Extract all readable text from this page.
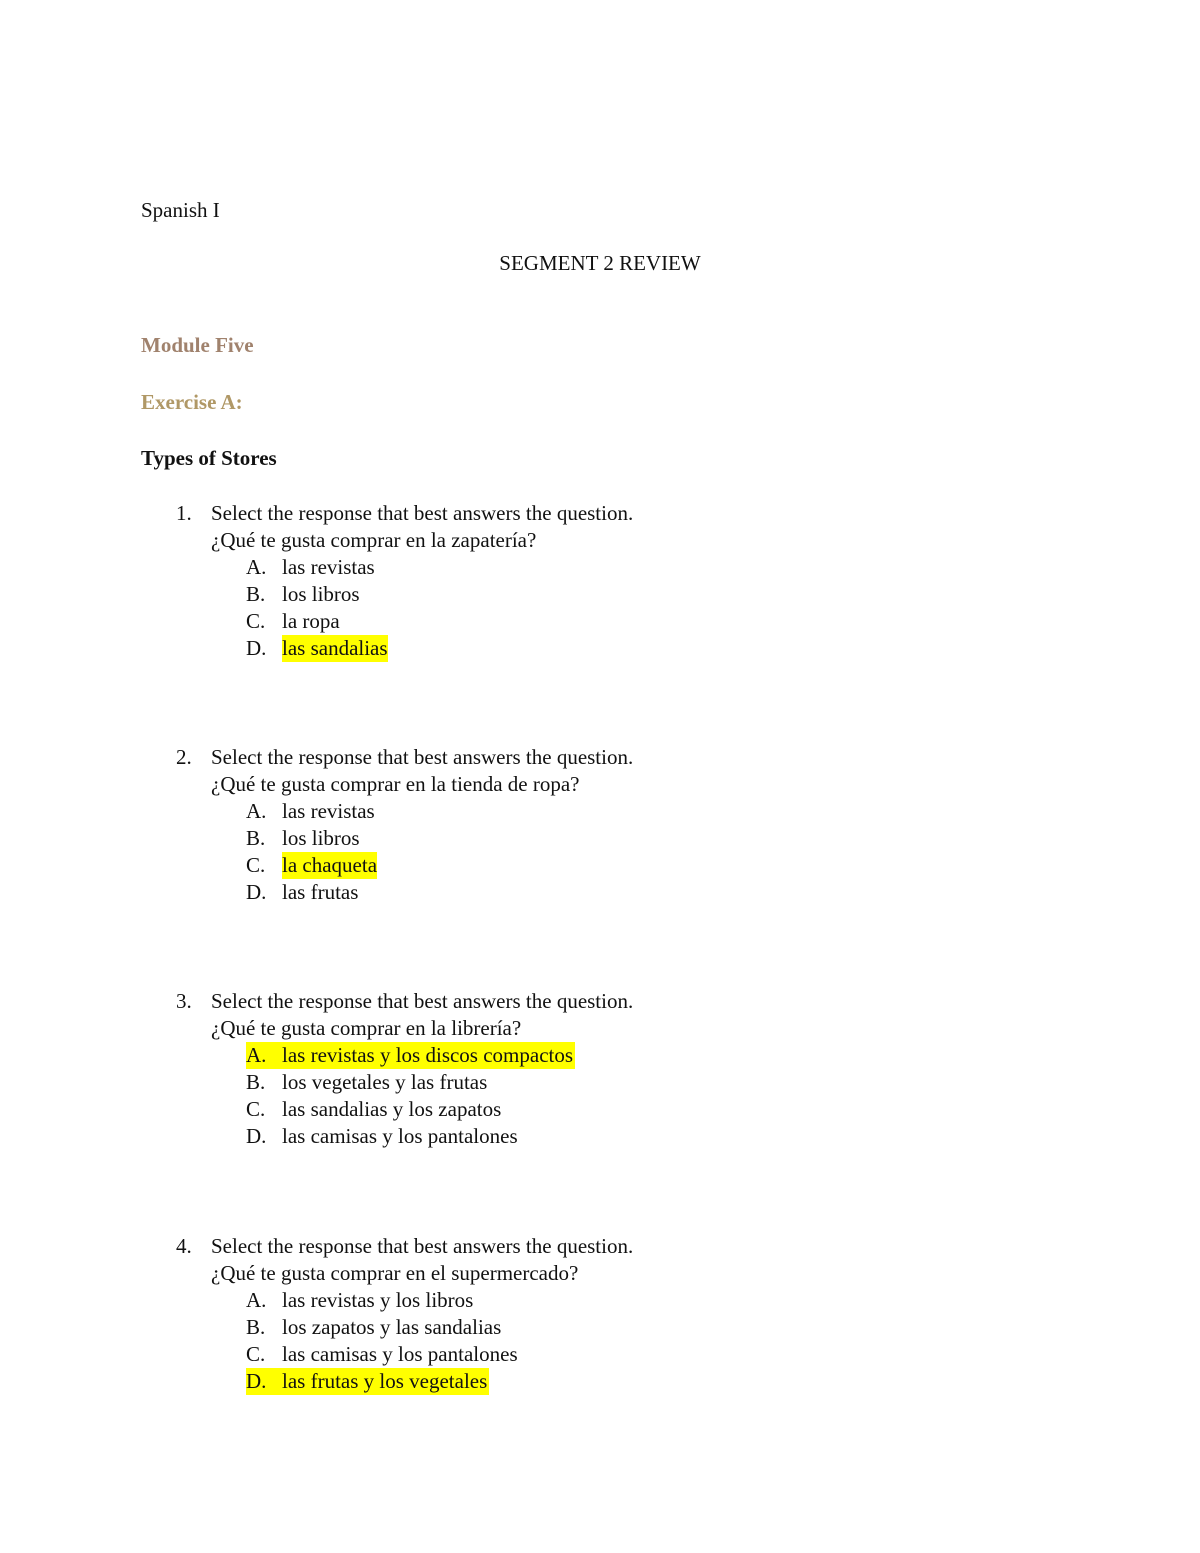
Spanish I
SEGMENT 2 REVIEW
Module Five
Exercise A:
Types of Stores
1. Select the response that best answers the question.
¿Qué te gusta comprar en la zapatería?
A. las revistas
B. los libros
C. la ropa
D. las sandalias
2. Select the response that best answers the question.
¿Qué te gusta comprar en la tienda de ropa?
A. las revistas
B. los libros
C. la chaqueta
D. las frutas
3. Select the response that best answers the question.
¿Qué te gusta comprar en la librería?
A. las revistas y los discos compactos
B. los vegetales y las frutas
C. las sandalias y los zapatos
D. las camisas y los pantalones
4. Select the response that best answers the question.
¿Qué te gusta comprar en el supermercado?
A. las revistas y los libros
B. los zapatos y las sandalias
C. las camisas y los pantalones
D. las frutas y los vegetales
